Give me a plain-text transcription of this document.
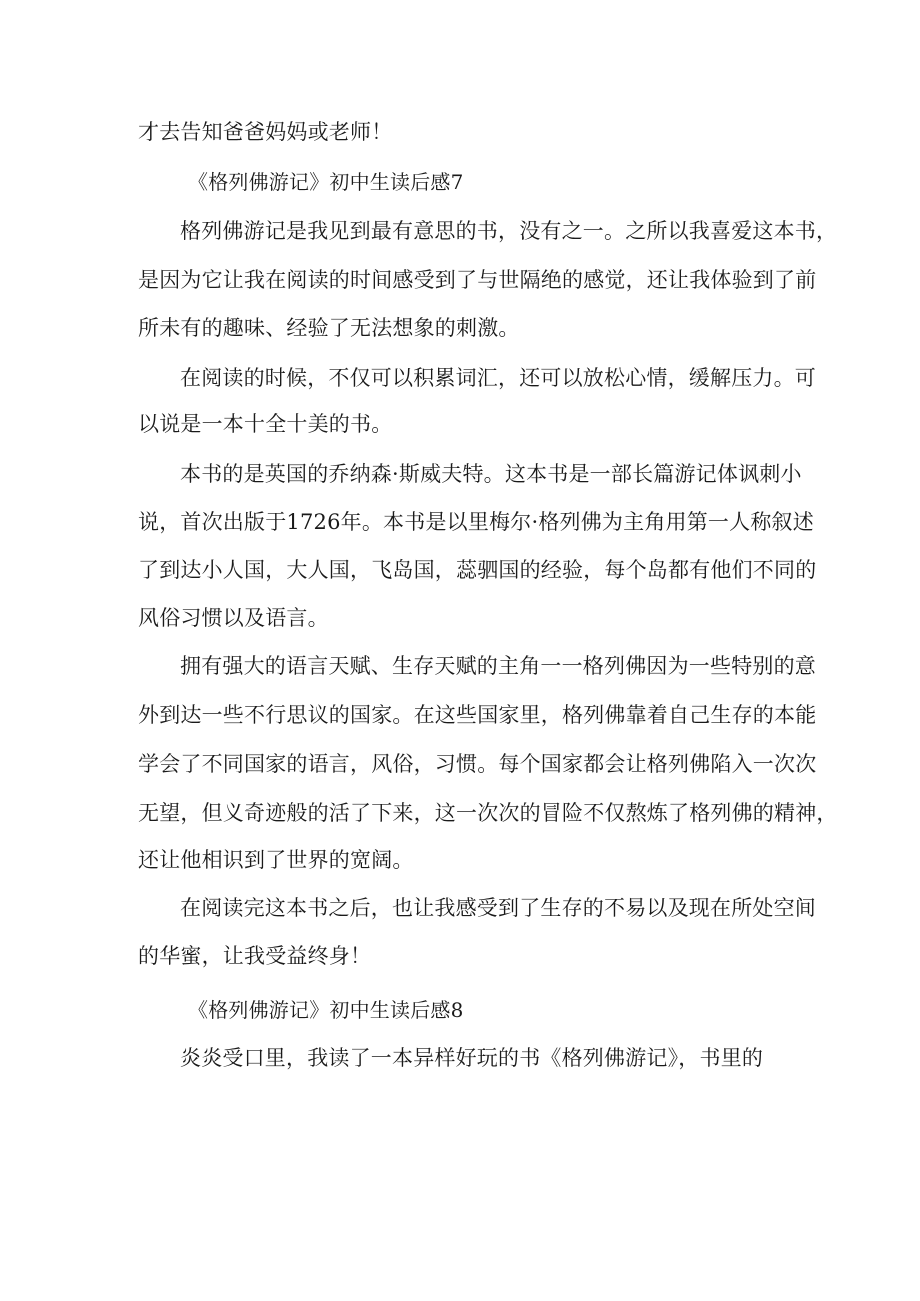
才去告知爸爸妈妈或老师！
《格列佛游记》初中生读后感7
格列佛游记是我见到最有意思的书，没有之一。之所以我喜爱这本书，
是因为它让我在阅读的时间感受到了与世隔绝的感觉，还让我体验到了前
所未有的趣味、经验了无法想象的刺激。
在阅读的时候，不仅可以积累词汇，还可以放松心情，缓解压力。可
以说是一本十全十美的书。
本书的是英国的乔纳森·斯威夫特。这本书是一部长篇游记体讽刺小
说，首次出版于1726年。本书是以里梅尔·格列佛为主角用第一人称叙述
了到达小人国，大人国，飞岛国，蕊驷国的经验，每个岛都有他们不同的
风俗习惯以及语言。
拥有强大的语言天赋、生存天赋的主角一一格列佛因为一些特别的意
外到达一些不行思议的国家。在这些国家里，格列佛靠着自己生存的本能
学会了不同国家的语言，风俗，习惯。每个国家都会让格列佛陷入一次次
无望，但义奇迹般的活了下来，这一次次的冒险不仅熬炼了格列佛的精神，
还让他相识到了世界的宽阔。
在阅读完这本书之后，也让我感受到了生存的不易以及现在所处空间
的华蜜，让我受益终身！
《格列佛游记》初中生读后感8
炎炎受口里，我读了一本异样好玩的书《格列佛游记》，书里的
